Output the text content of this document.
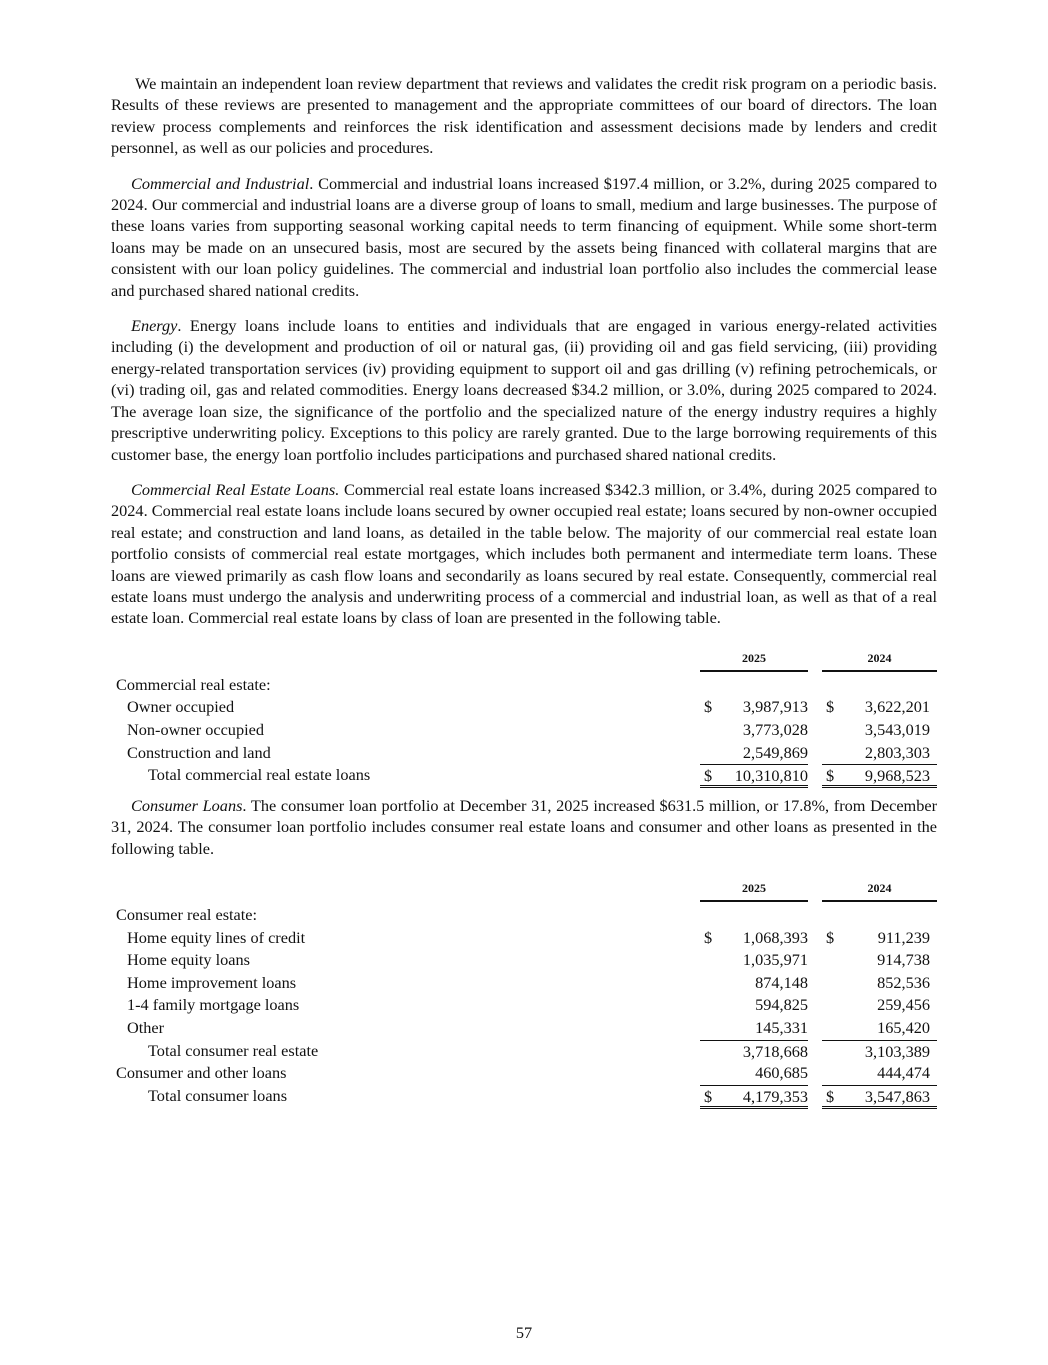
We maintain an independent loan review department that reviews and validates the credit risk program on a periodic basis. Results of these reviews are presented to management and the appropriate committees of our board of directors. The loan review process complements and reinforces the risk identification and assessment decisions made by lenders and credit personnel, as well as our policies and procedures.

Commercial and Industrial. Commercial and industrial loans increased $197.4 million, or 3.2%, during 2025 compared to 2024. Our commercial and industrial loans are a diverse group of loans to small, medium and large businesses. The purpose of these loans varies from supporting seasonal working capital needs to term financing of equipment. While some short-term loans may be made on an unsecured basis, most are secured by the assets being financed with collateral margins that are consistent with our loan policy guidelines. The commercial and industrial loan portfolio also includes the commercial lease and purchased shared national credits.

Energy. Energy loans include loans to entities and individuals that are engaged in various energy-related activities including (i) the development and production of oil or natural gas, (ii) providing oil and gas field servicing, (iii) providing energy-related transportation services (iv) providing equipment to support oil and gas drilling (v) refining petrochemicals, or (vi) trading oil, gas and related commodities. Energy loans decreased $34.2 million, or 3.0%, during 2025 compared to 2024. The average loan size, the significance of the portfolio and the specialized nature of the energy industry requires a highly prescriptive underwriting policy. Exceptions to this policy are rarely granted. Due to the large borrowing requirements of this customer base, the energy loan portfolio includes participations and purchased shared national credits.

Commercial Real Estate Loans. Commercial real estate loans increased $342.3 million, or 3.4%, during 2025 compared to 2024. Commercial real estate loans include loans secured by owner occupied real estate; loans secured by non-owner occupied real estate; and construction and land loans, as detailed in the table below. The majority of our commercial real estate loan portfolio consists of commercial real estate mortgages, which includes both permanent and intermediate term loans. These loans are viewed primarily as cash flow loans and secondarily as loans secured by real estate. Consequently, commercial real estate loans must undergo the analysis and underwriting process of a commercial and industrial loan, as well as that of a real estate loan. Commercial real estate loans by class of loan are presented in the following table.

2025	2024
Commercial real estate:
Owner occupied	$ 3,987,913 $ 3,622,201
Non-owner occupied	3,773,028	3,543,019
Construction and land	2,549,869	2,803,303
Total commercial real estate loans	$ 10,310,810 $ 9,968,523

Consumer Loans. The consumer loan portfolio at December 31, 2025 increased $631.5 million, or 17.8%, from December 31, 2024. The consumer loan portfolio includes consumer real estate loans and consumer and other loans as presented in the following table.

2025	2024
Consumer real estate:
Home equity lines of credit	$ 1,068,393 $	911,239
Home equity loans	1,035,971	914,738
Home improvement loans	874,148	852,536
1-4 family mortgage loans	594,825	259,456
Other	145,331	165,420
Total consumer real estate	3,718,668	3,103,389
Consumer and other loans	460,685	444,474
Total consumer loans	$ 4,179,353 $ 3,547,863
57
